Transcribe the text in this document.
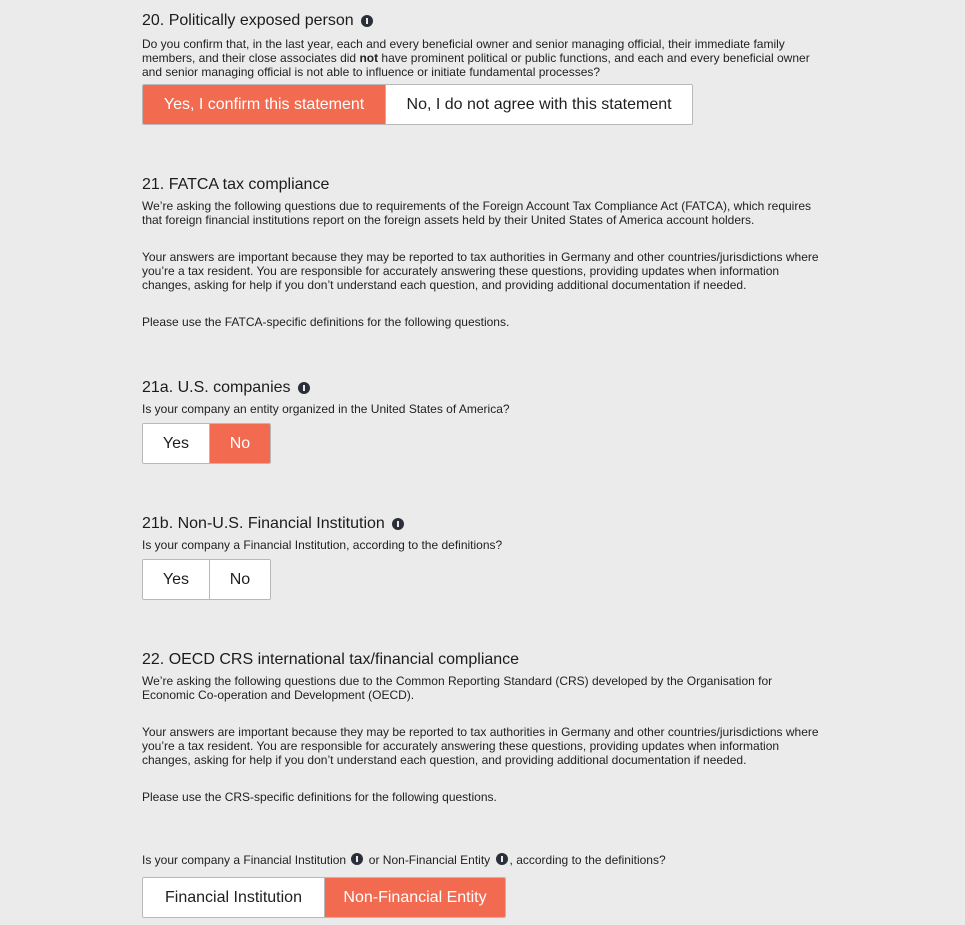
20. Politically exposed person

Do you confirm that, in the last year, each and every beneficial owner and senior managing official, their immediate family members, and their close associates did not have prominent political or public functions, and each and every beneficial owner and senior managing official is not able to influence or initiate fundamental processes?

Yes, I confirm this statement	No, I do not agree with this statement
21. FATCA tax compliance

We’re asking the following questions due to requirements of the Foreign Account Tax Compliance Act (FATCA), which requires that foreign financial institutions report on the foreign assets held by their United States of America account holders.

Your answers are important because they may be reported to tax authorities in Germany and other countries/jurisdictions where you’re a tax resident. You are responsible for accurately answering these questions, providing updates when information changes, asking for help if you don’t understand each question, and providing additional documentation if needed.

Please use the FATCA-specific definitions for the following questions.

21a. U.S. companies

Is your company an entity organized in the United States of America?

Yes	No
21b. Non-U.S. Financial Institution

Is your company a Financial Institution, according to the definitions?

Yes	No
22. OECD CRS international tax/financial compliance

We’re asking the following questions due to the Common Reporting Standard (CRS) developed by the Organisation for Economic Co-operation and Development (OECD).

Your answers are important because they may be reported to tax authorities in Germany and other countries/jurisdictions where you’re a tax resident. You are responsible for accurately answering these questions, providing updates when information changes, asking for help if you don’t understand each question, and providing additional documentation if needed.

Please use the CRS-specific definitions for the following questions.

Is your company a Financial Institution or Non-Financial Entity , according to the definitions?

Financial Institution	Non-Financial Entity
